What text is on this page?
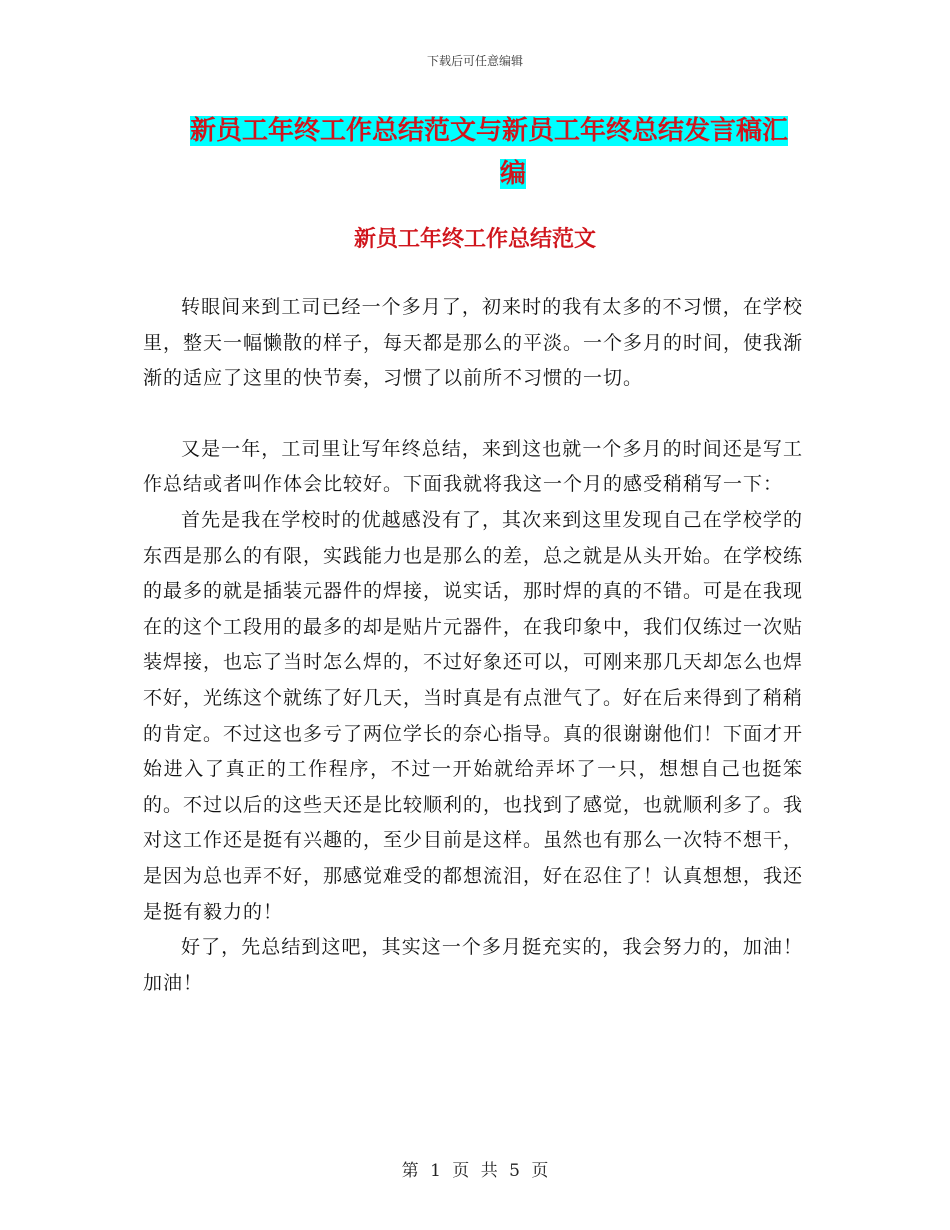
下载后可任意编辑
新员工年终工作总结范文与新员工年终总结发言稿汇
编
新员工年终工作总结范文

转眼间来到工司已经一个多月了，初来时的我有太多的不习惯，在学校里，整天一幅懒散的样子，每天都是那么的平淡。一个多月的时间，使我渐渐的适应了这里的快节奏，习惯了以前所不习惯的一切。

又是一年，工司里让写年终总结，来到这也就一个多月的时间还是写工作总结或者叫作体会比较好。下面我就将我这一个月的感受稍稍写一下：

首先是我在学校时的优越感没有了，其次来到这里发现自己在学校学的东西是那么的有限，实践能力也是那么的差，总之就是从头开始。在学校练的最多的就是插装元器件的焊接，说实话，那时焊的真的不错。可是在我现在的这个工段用的最多的却是贴片元器件，在我印象中，我们仅练过一次贴装焊接，也忘了当时怎么焊的，不过好象还可以，可刚来那几天却怎么也焊不好，光练这个就练了好几天，当时真是有点泄气了。好在后来得到了稍稍的肯定。不过这也多亏了两位学长的奈心指导。真的很谢谢他们！下面才开始进入了真正的工作程序，不过一开始就给弄坏了一只，想想自己也挺笨的。不过以后的这些天还是比较顺利的，也找到了感觉，也就顺利多了。我对这工作还是挺有兴趣的，至少目前是这样。虽然也有那么一次特不想干，是因为总也弄不好，那感觉难受的都想流泪，好在忍住了！认真想想，我还是挺有毅力的！

好了，先总结到这吧，其实这一个多月挺充实的，我会努力的，加油！加油！

第 1 页 共 5 页
